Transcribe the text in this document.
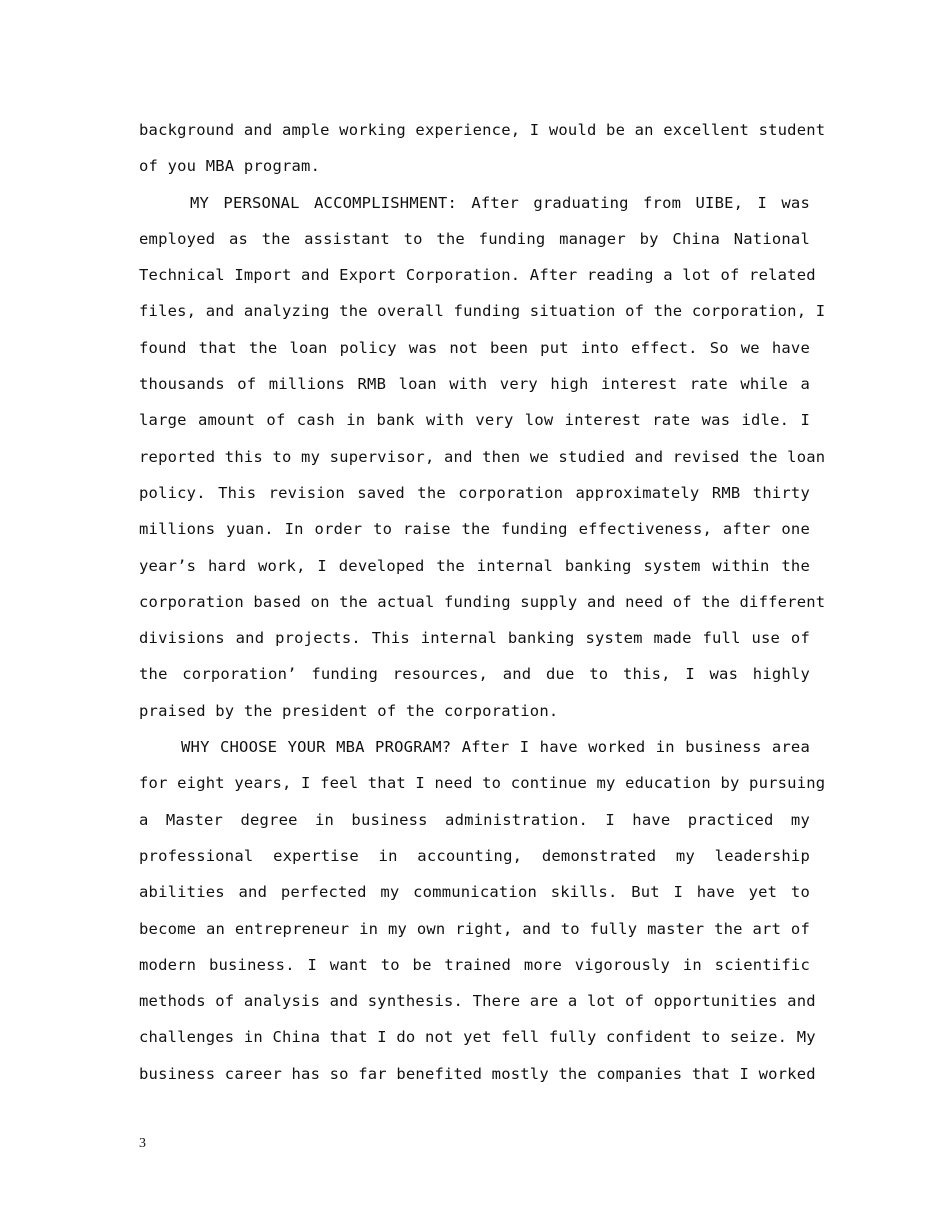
background and ample working experience, I would be an excellent student
of you MBA program.
MY PERSONAL ACCOMPLISHMENT: After graduating from UIBE, I was
employed as the assistant to the funding manager by China National
Technical Import and Export Corporation. After reading a lot of related
files, and analyzing the overall funding situation of the corporation, I
found that the loan policy was not been put into effect. So we have
thousands of millions RMB loan with very high interest rate while a
large amount of cash in bank with very low interest rate was idle. I
reported this to my supervisor, and then we studied and revised the loan
policy. This revision saved the corporation approximately RMB thirty
millions yuan. In order to raise the funding effectiveness, after one
year’s hard work, I developed the internal banking system within the
corporation based on the actual funding supply and need of the different
divisions and projects. This internal banking system made full use of
the corporation’ funding resources, and due to this, I was highly
praised by the president of the corporation.
WHY CHOOSE YOUR MBA PROGRAM? After I have worked in business area
for eight years, I feel that I need to continue my education by pursuing
a Master degree in business administration. I have practiced my
professional expertise in accounting, demonstrated my leadership
abilities and perfected my communication skills. But I have yet to
become an entrepreneur in my own right, and to fully master the art of
modern business. I want to be trained more vigorously in scientific
methods of analysis and synthesis. There are a lot of opportunities and
challenges in China that I do not yet fell fully confident to seize. My
business career has so far benefited mostly the companies that I worked
3
